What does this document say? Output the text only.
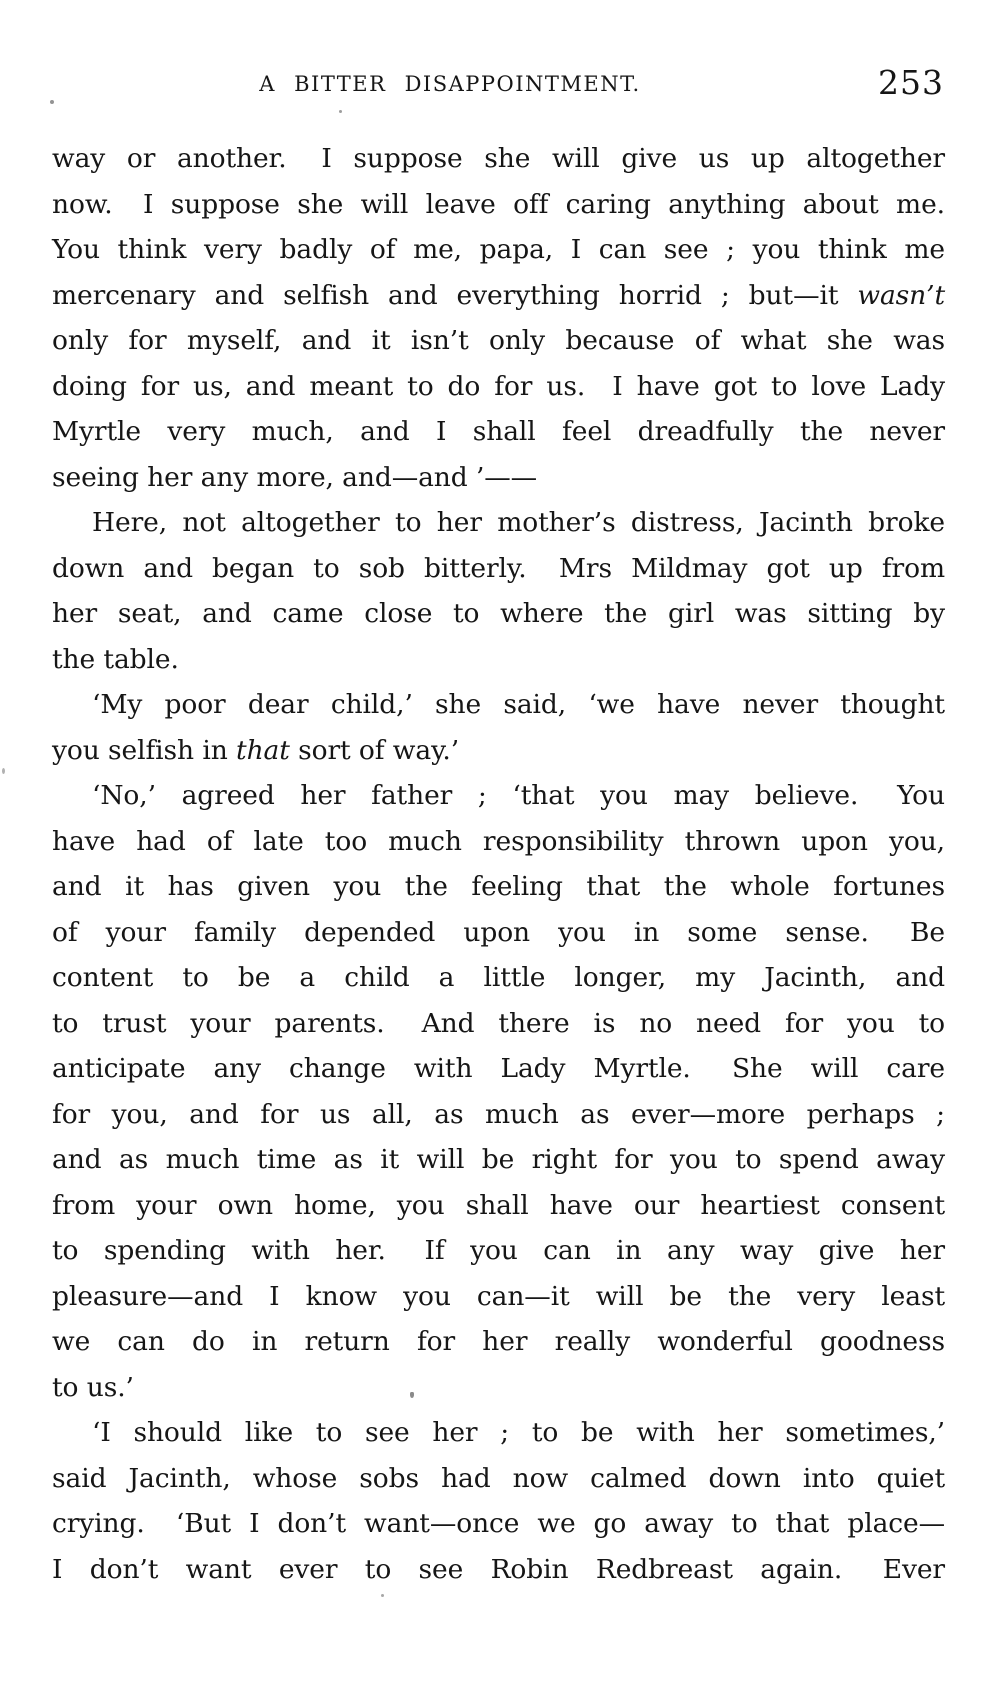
A BITTER DISAPPOINTMENT.	253
way or another.  I suppose she will give us up altogether
now.  I suppose she will leave off caring anything about me.
You think very badly of me, papa, I can see ; you think me
mercenary and selfish and everything horrid ; but—it wasn’t
only for myself, and it isn’t only because of what she was
doing for us, and meant to do for us.  I have got to love Lady
Myrtle very much, and I shall feel dreadfully the never
seeing her any more, and—and ’——
Here, not altogether to her mother’s distress, Jacinth broke
down and began to sob bitterly.  Mrs Mildmay got up from
her seat, and came close to where the girl was sitting by
the table.
‘My poor dear child,’ she said, ‘we have never thought
you selfish in that sort of way.’
‘No,’ agreed her father ; ‘that you may believe.  You
have had of late too much responsibility thrown upon you,
and it has given you the feeling that the whole fortunes
of your family depended upon you in some sense.  Be
content to be a child a little longer, my Jacinth, and
to trust your parents.  And there is no need for you to
anticipate any change with Lady Myrtle.  She will care
for you, and for us all, as much as ever—more perhaps ;
and as much time as it will be right for you to spend away
from your own home, you shall have our heartiest consent
to spending with her.  If you can in any way give her
pleasure—and I know you can—it will be the very least
we can do in return for her really wonderful goodness
to us.’
‘I should like to see her ; to be with her sometimes,’
said Jacinth, whose sobs had now calmed down into quiet
crying.  ‘But I don’t want—once we go away to that place—
I don’t want ever to see Robin Redbreast again.  Ever
